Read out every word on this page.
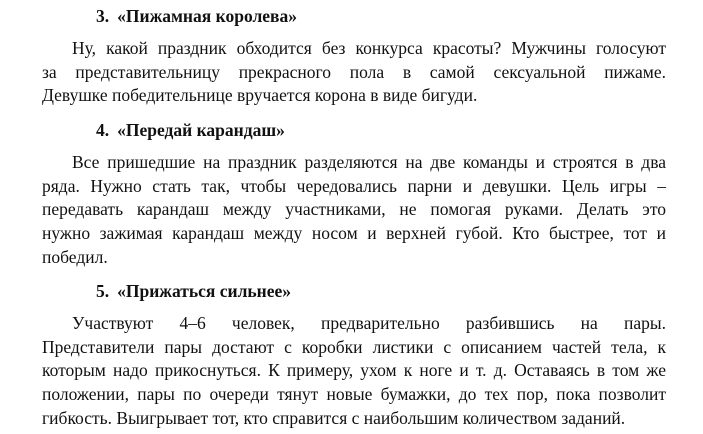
3. «Пижамная королева»
Ну, какой праздник обходится без конкурса красоты? Мужчины голосуют
за представительницу прекрасного пола в самой сексуальной пижаме.
Девушке победительнице вручается корона в виде бигуди.
4. «Передай карандаш»
Все пришедшие на праздник разделяются на две команды и строятся в два
ряда. Нужно стать так, чтобы чередовались парни и девушки. Цель игры –
передавать карандаш между участниками, не помогая руками. Делать это
нужно зажимая карандаш между носом и верхней губой. Кто быстрее, тот и
победил.
5. «Прижаться сильнее»
Участвуют 4–6 человек, предварительно разбившись на пары.
Представители пары достают с коробки листики с описанием частей тела, к
которым надо прикоснуться. К примеру, ухом к ноге и т. д. Оставаясь в том же
положении, пары по очереди тянут новые бумажки, до тех пор, пока позволит
гибкость. Выигрывает тот, кто справится с наибольшим количеством заданий.
